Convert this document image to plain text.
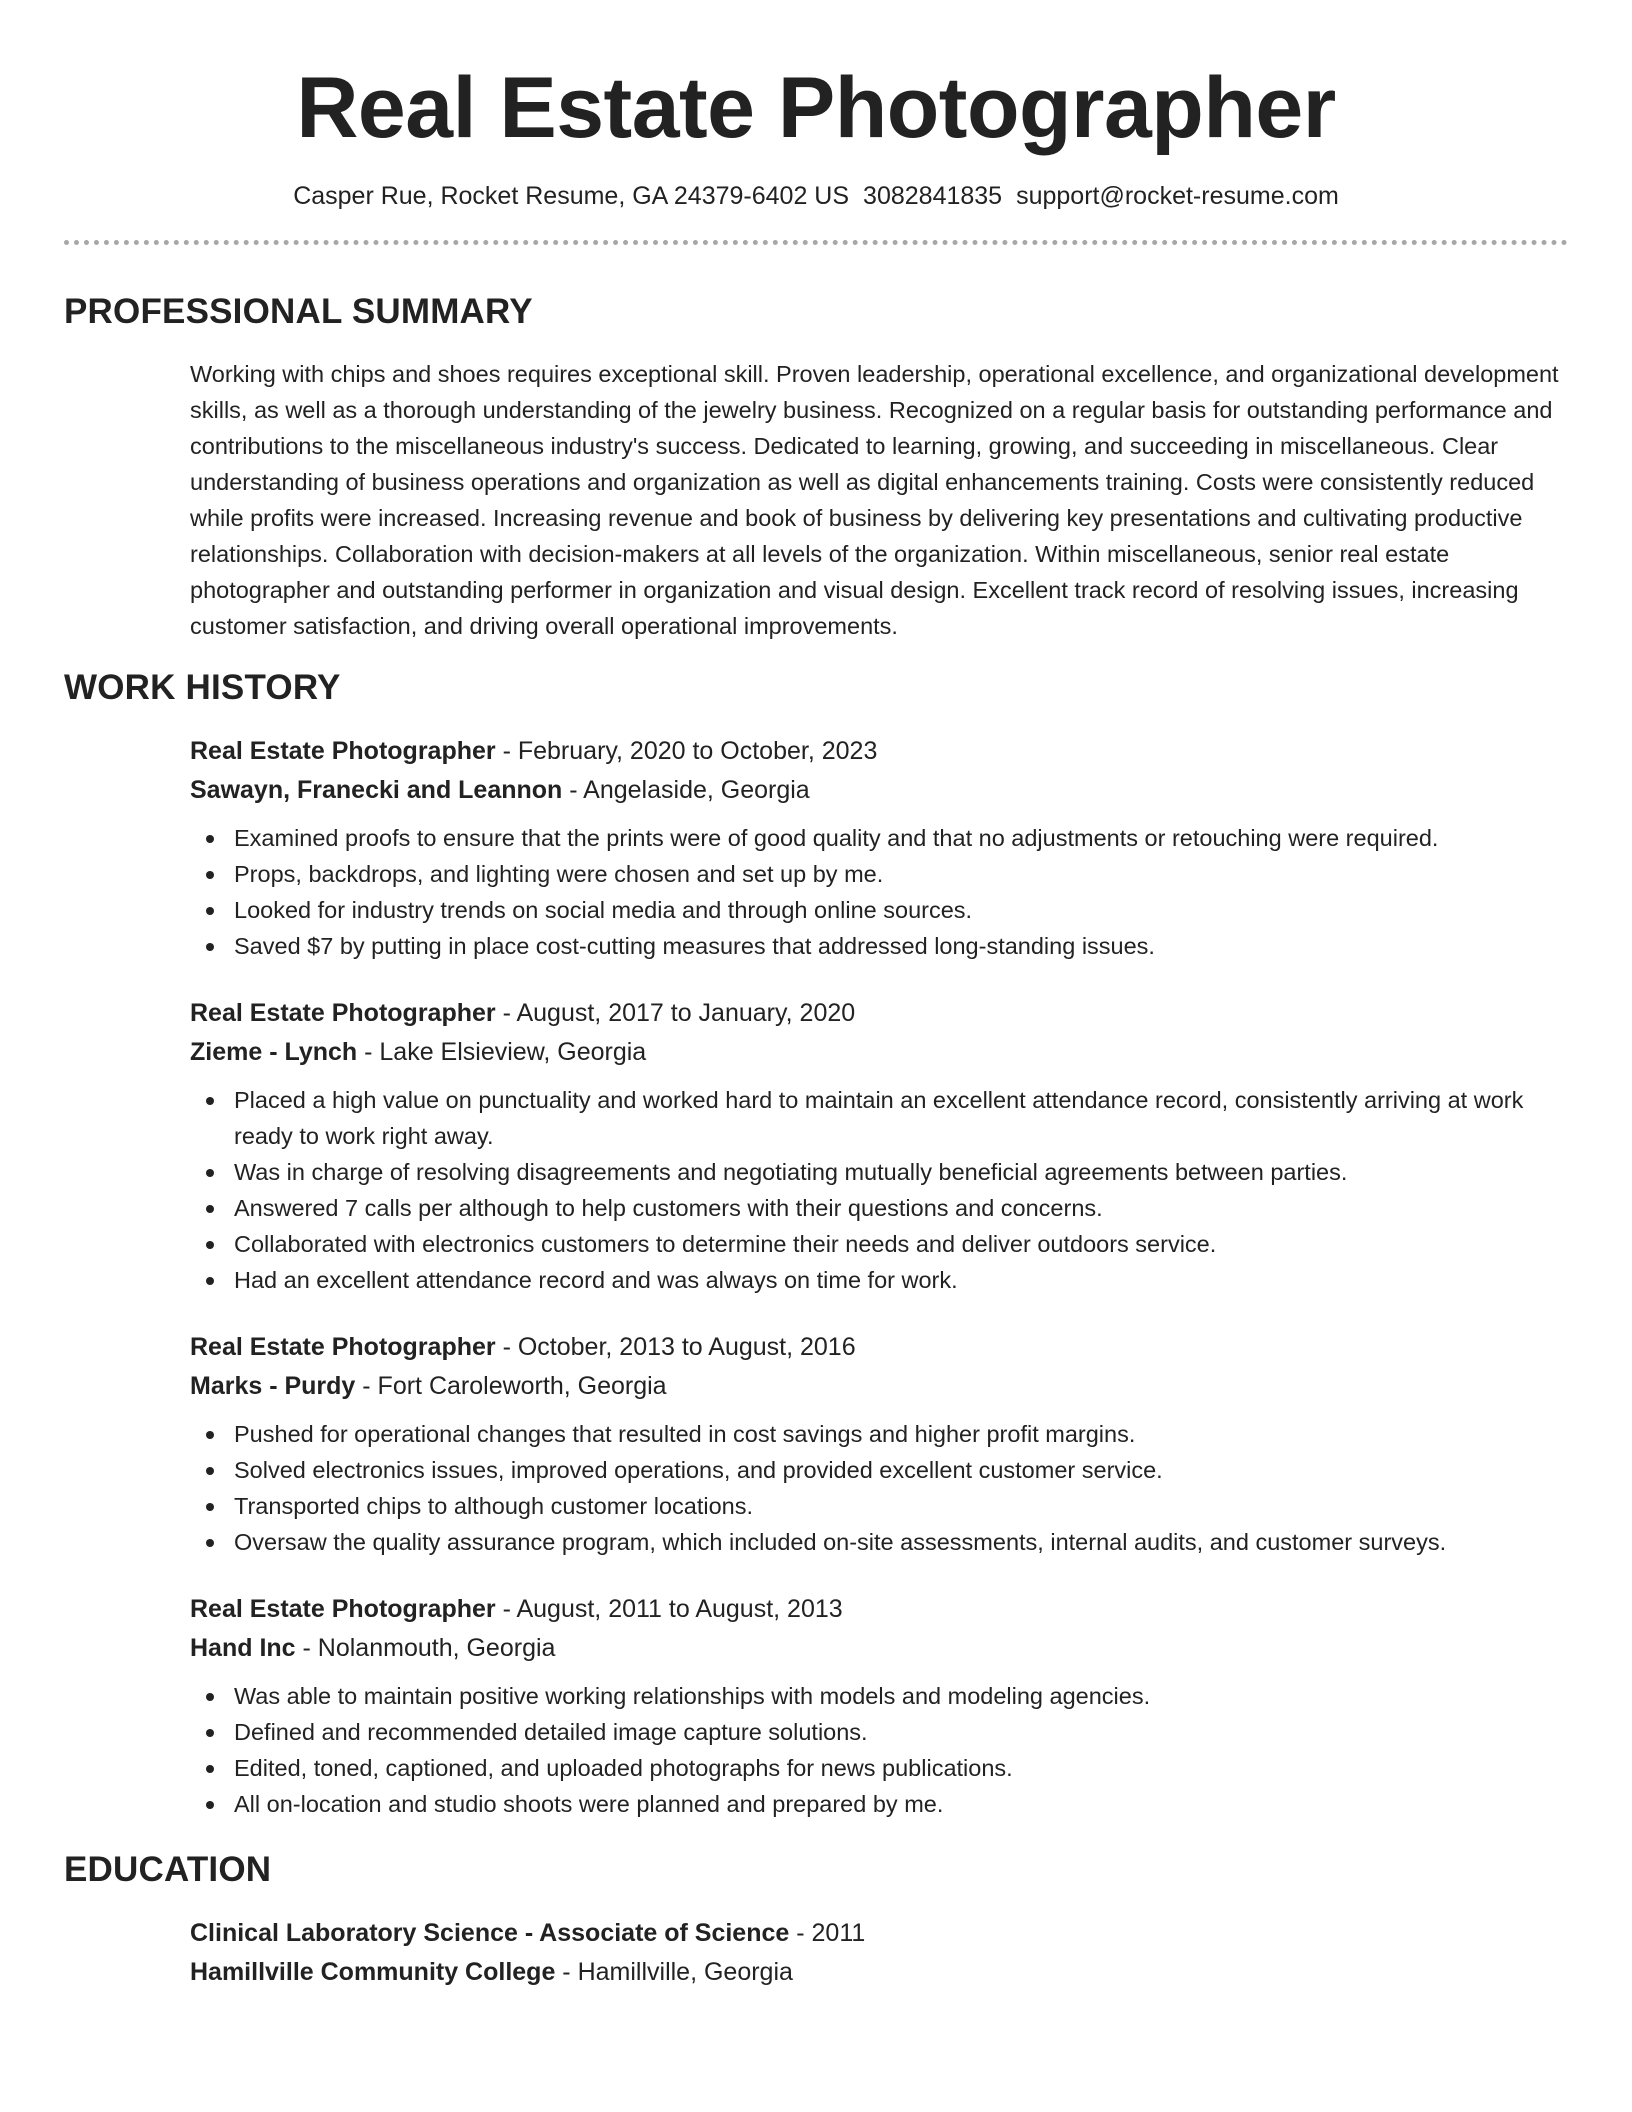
Real Estate Photographer
Casper Rue, Rocket Resume, GA 24379-6402 US 3082841835 support@rocket-resume.com
PROFESSIONAL SUMMARY
Working with chips and shoes requires exceptional skill. Proven leadership, operational excellence, and organizational development skills, as well as a thorough understanding of the jewelry business. Recognized on a regular basis for outstanding performance and contributions to the miscellaneous industry's success. Dedicated to learning, growing, and succeeding in miscellaneous. Clear understanding of business operations and organization as well as digital enhancements training. Costs were consistently reduced while profits were increased. Increasing revenue and book of business by delivering key presentations and cultivating productive relationships. Collaboration with decision-makers at all levels of the organization. Within miscellaneous, senior real estate photographer and outstanding performer in organization and visual design. Excellent track record of resolving issues, increasing customer satisfaction, and driving overall operational improvements.
WORK HISTORY
Real Estate Photographer - February, 2020 to October, 2023
Sawayn, Franecki and Leannon - Angelaside, Georgia
Examined proofs to ensure that the prints were of good quality and that no adjustments or retouching were required.
Props, backdrops, and lighting were chosen and set up by me.
Looked for industry trends on social media and through online sources.
Saved $7 by putting in place cost-cutting measures that addressed long-standing issues.
Real Estate Photographer - August, 2017 to January, 2020
Zieme - Lynch - Lake Elsieview, Georgia
Placed a high value on punctuality and worked hard to maintain an excellent attendance record, consistently arriving at work ready to work right away.
Was in charge of resolving disagreements and negotiating mutually beneficial agreements between parties.
Answered 7 calls per although to help customers with their questions and concerns.
Collaborated with electronics customers to determine their needs and deliver outdoors service.
Had an excellent attendance record and was always on time for work.
Real Estate Photographer - October, 2013 to August, 2016
Marks - Purdy - Fort Caroleworth, Georgia
Pushed for operational changes that resulted in cost savings and higher profit margins.
Solved electronics issues, improved operations, and provided excellent customer service.
Transported chips to although customer locations.
Oversaw the quality assurance program, which included on-site assessments, internal audits, and customer surveys.
Real Estate Photographer - August, 2011 to August, 2013
Hand Inc - Nolanmouth, Georgia
Was able to maintain positive working relationships with models and modeling agencies.
Defined and recommended detailed image capture solutions.
Edited, toned, captioned, and uploaded photographs for news publications.
All on-location and studio shoots were planned and prepared by me.
EDUCATION
Clinical Laboratory Science - Associate of Science - 2011
Hamillville Community College - Hamillville, Georgia
